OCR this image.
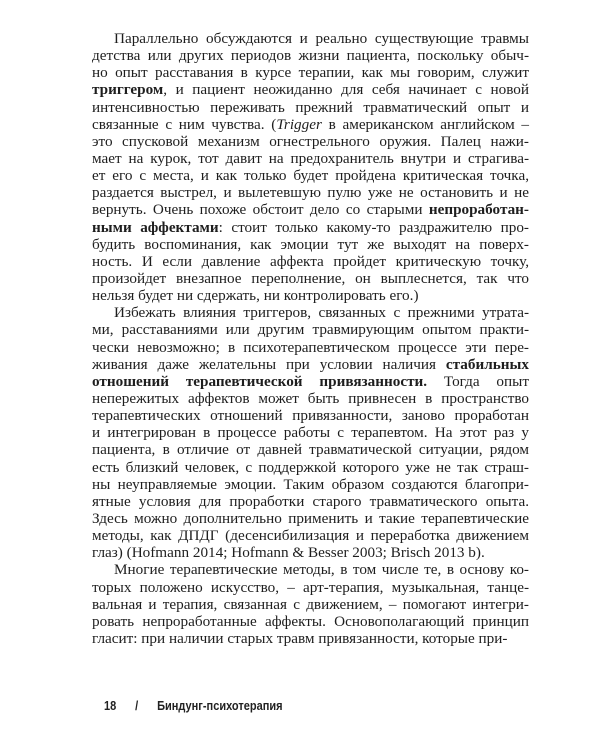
Параллельно обсуждаются и реально существующие травмы
детства или других периодов жизни пациента, поскольку обыч-
но опыт расставания в курсе терапии, как мы говорим, служит
триггером, и пациент неожиданно для себя начинает с новой
интенсивностью переживать прежний травматический опыт и
связанные с ним чувства. (Trigger в американском английском –
это спусковой механизм огнестрельного оружия. Палец нажи-
мает на курок, тот давит на предохранитель внутри и страгива-
ет его с места, и как только будет пройдена критическая точка,
раздается выстрел, и вылетевшую пулю уже не остановить и не
вернуть. Очень похоже обстоит дело со старыми непроработан-
ными аффектами: стоит только какому-то раздражителю про-
будить воспоминания, как эмоции тут же выходят на поверх-
ность. И если давление аффекта пройдет критическую точку,
произойдет внезапное переполнение, он выплеснется, так что
нельзя будет ни сдержать, ни контролировать его.)
Избежать влияния триггеров, связанных с прежними утрата-
ми, расставаниями или другим травмирующим опытом практи-
чески невозможно; в психотерапевтическом процессе эти пере-
живания даже желательны при условии наличия стабильных
отношений терапевтической привязанности. Тогда опыт
непережитых аффектов может быть привнесен в пространство
терапевтических отношений привязанности, заново проработан
и интегрирован в процессе работы с терапевтом. На этот раз у
пациента, в отличие от давней травматической ситуации, рядом
есть близкий человек, с поддержкой которого уже не так страш-
ны неуправляемые эмоции. Таким образом создаются благопри-
ятные условия для проработки старого травматического опыта.
Здесь можно дополнительно применить и такие терапевтические
методы, как ДПДГ (десенсибилизация и переработка движением
глаз) (Hofmann 2014; Hofmann & Besser 2003; Brisch 2013 b).
Многие терапевтические методы, в том числе те, в основу ко-
торых положено искусство, – арт-терапия, музыкальная, танце-
вальная и терапия, связанная с движением, – помогают интегри-
ровать непроработанные аффекты. Основополагающий принцип
гласит: при наличии старых травм привязанности, которые при-
18 / Биндунг-психотерапия
